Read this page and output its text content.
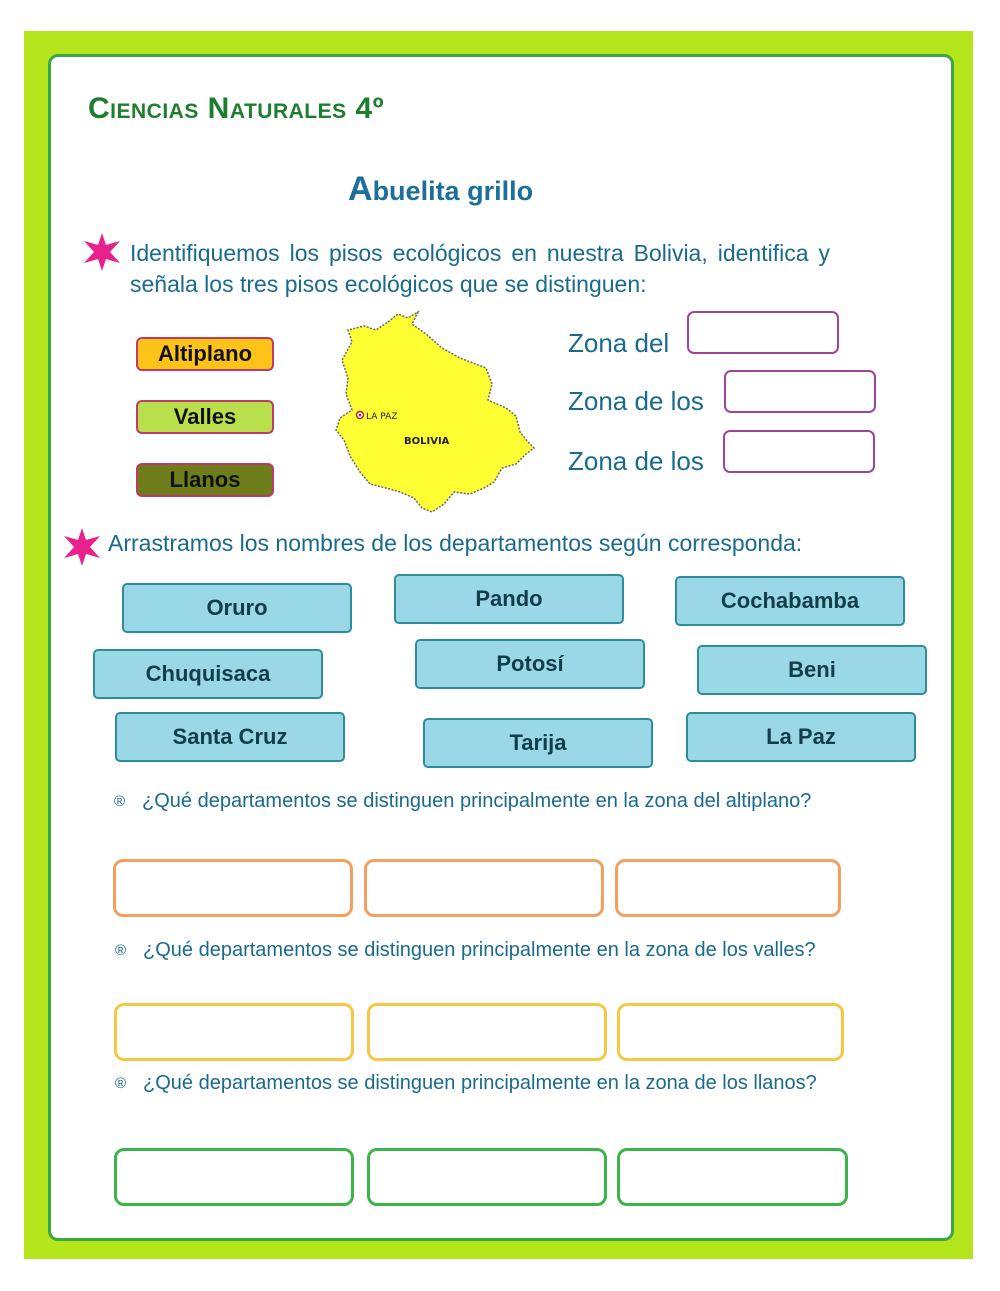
Ciencias Naturales 4º
Abuelita grillo
Identifiquemos los pisos ecológicos en nuestra Bolivia, identifica y señala los tres pisos ecológicos que se distinguen:
Altiplano
Valles
Llanos
LA PAZ
BOLIVIA
Zona del
Zona de los
Zona de los
Arrastramos los nombres de los departamentos según corresponda:
Oruro	Pando	Cochabamba
Chuquisaca	Potosí	Beni
Santa Cruz	Tarija	La Paz
® ¿Qué departamentos se distinguen principalmente en la zona del altiplano?
® ¿Qué departamentos se distinguen principalmente en la zona de los valles?
® ¿Qué departamentos se distinguen principalmente en la zona de los llanos?
